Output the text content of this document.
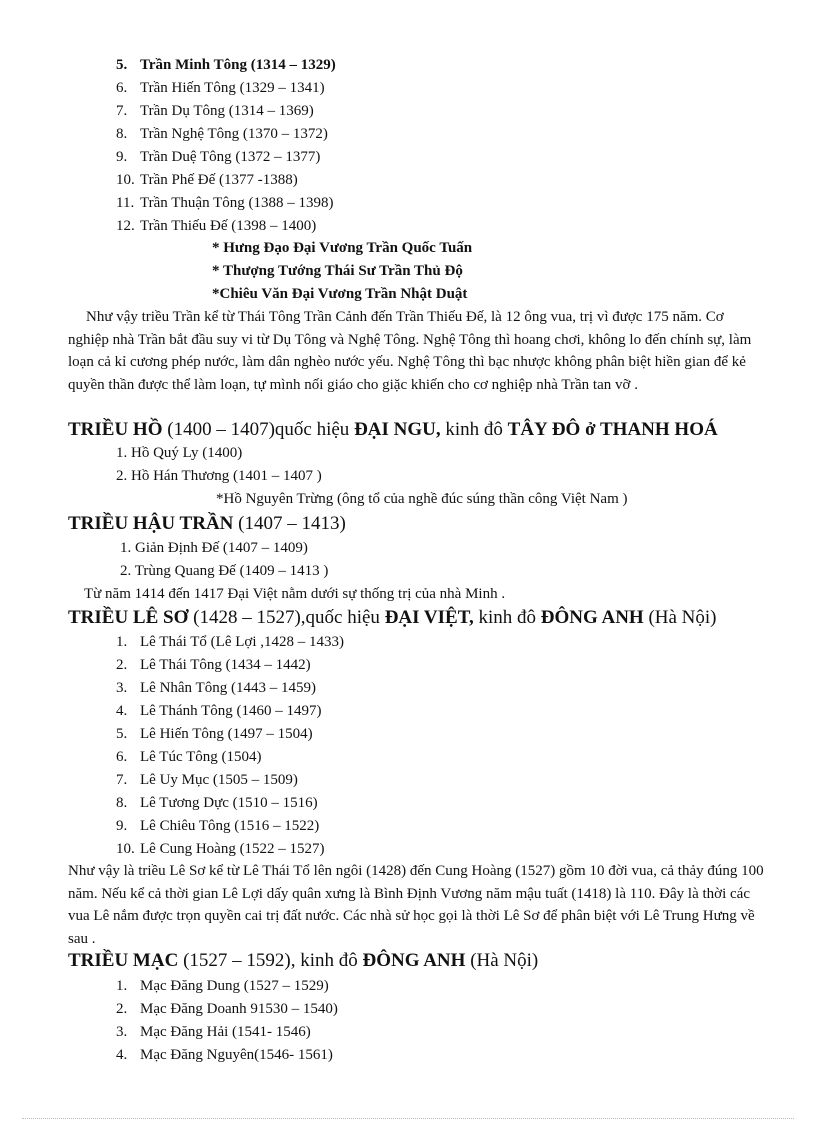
5. Trần Minh Tông (1314 – 1329)
6. Trần Hiến Tông (1329 – 1341)
7. Trần Dụ Tông (1314 – 1369)
8. Trần Nghệ Tông (1370 – 1372)
9. Trần Duệ Tông (1372 – 1377)
10. Trần Phế Đế (1377 -1388)
11. Trần Thuận Tông (1388 – 1398)
12. Trần Thiếu Đế (1398 – 1400)
* Hưng Đạo Đại Vương Trần Quốc Tuấn
* Thượng Tướng Thái Sư Trần Thủ Độ
*Chiêu Văn Đại Vương Trần Nhật Duật
Như vậy triều Trần kể từ Thái Tông Trần Cảnh đến Trần Thiếu Đế, là 12 ông vua, trị vì được 175 năm. Cơ nghiệp nhà Trần bắt đầu suy vi từ Dụ Tông và Nghệ Tông. Nghệ Tông thì hoang chơi, không lo đến chính sự, làm loạn cả kỉ cương phép nước, làm dân nghèo nước yếu. Nghệ Tông thì bạc nhược không phân biệt hiền gian để kẻ quyền thần được thể làm loạn, tự mình nối giáo cho giặc khiến cho cơ nghiệp nhà Trần tan vỡ .
TRIỀU HỒ (1400 – 1407)quốc hiệu ĐẠI NGU, kinh đô TÂY ĐÔ ở THANH HOÁ
1. Hồ Quý Ly (1400)
2. Hồ Hán Thương (1401 – 1407 )
*Hồ Nguyên Trừng (ông tổ của nghề đúc súng thần công Việt Nam )
TRIỀU HẬU TRẦN (1407 – 1413)
1. Giản Định Đế (1407 – 1409)
2. Trùng Quang Đế (1409 – 1413 )
Từ năm 1414 đến 1417 Đại Việt nằm dưới sự thống trị của nhà Minh .
TRIỀU LÊ SƠ (1428 – 1527),quốc hiệu ĐẠI VIỆT, kinh đô ĐÔNG ANH (Hà Nội)
1. Lê Thái Tổ (Lê Lợi ,1428 – 1433)
2. Lê Thái Tông (1434 – 1442)
3. Lê Nhân Tông (1443 – 1459)
4. Lê Thánh Tông (1460 – 1497)
5. Lê Hiến Tông (1497 – 1504)
6. Lê Túc Tông (1504)
7. Lê Uy Mục (1505 – 1509)
8. Lê Tương Dực (1510 – 1516)
9. Lê Chiêu Tông (1516 – 1522)
10. Lê Cung Hoàng (1522 – 1527)
Như vậy là triều Lê Sơ kể từ Lê Thái Tổ lên ngôi (1428) đến Cung Hoàng (1527) gồm 10 đời vua, cả thảy đúng 100 năm. Nếu kể cả thời gian Lê Lợi dấy quân xưng là Bình Định Vương năm mậu tuất (1418) là 110. Đây là thời các vua Lê nắm được trọn quyền cai trị đất nước. Các nhà sử học gọi là thời Lê Sơ để phân biệt với Lê Trung Hưng về sau .
TRIỀU MẠC (1527 – 1592), kinh đô ĐÔNG ANH (Hà Nội)
1. Mạc Đăng Dung (1527 – 1529)
2. Mạc Đăng Doanh 91530 – 1540)
3. Mạc Đăng Hải (1541- 1546)
4. Mạc Đăng Nguyên(1546- 1561)
